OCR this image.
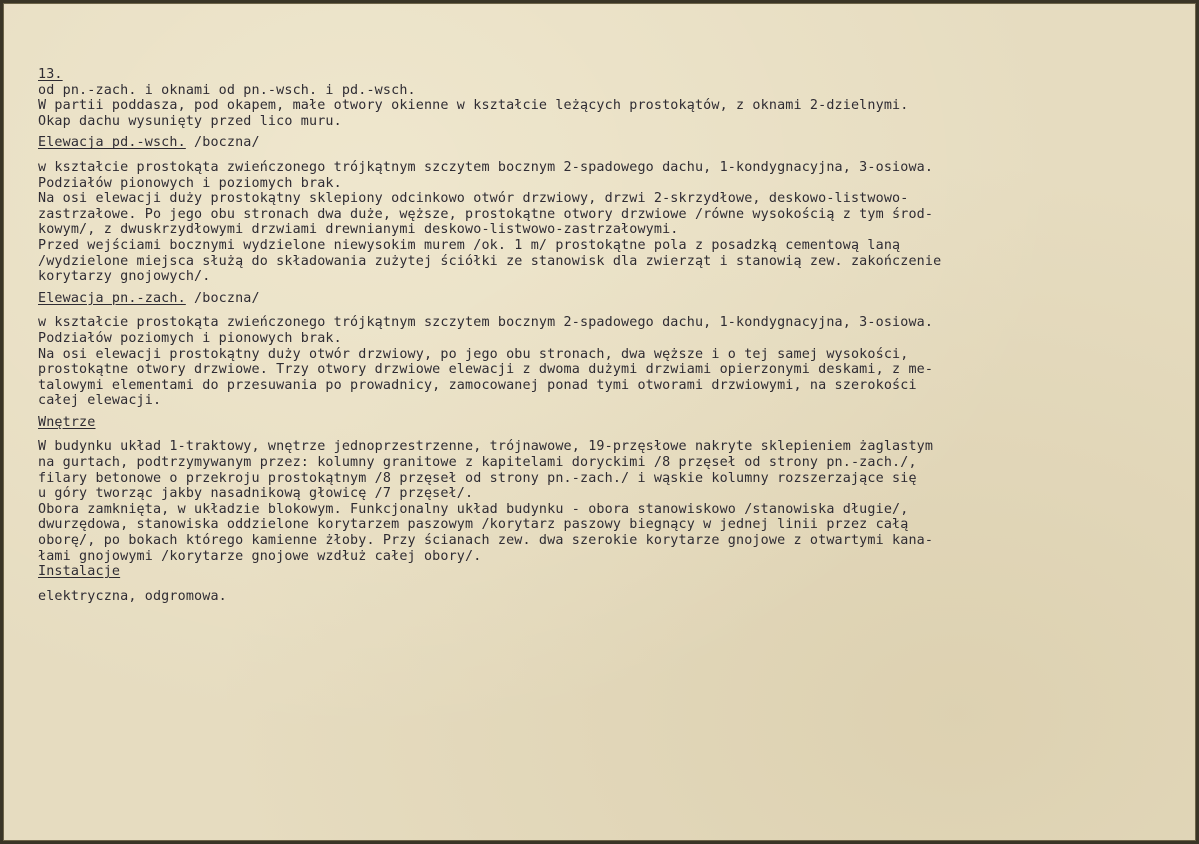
13.
od pn.-zach. i oknami od pn.-wsch. i pd.-wsch.
W partii poddasza, pod okapem, małe otwory okienne w kształcie leżących prostokątów, z oknami 2-dzielnymi.
Okap dachu wysunięty przed lico muru.
Elewacja pd.-wsch. /boczna/
w kształcie prostokąta zwieńczonego trójkątnym szczytem bocznym 2-spadowego dachu, 1-kondygnacyjna, 3-osiowa.
Podziałów pionowych i poziomych brak.
Na osi elewacji duży prostokątny sklepiony odcinkowo otwór drzwiowy, drzwi 2-skrzydłowe, deskowo-listwowo-
zastrzałowe. Po jego obu stronach dwa duże, węższe, prostokątne otwory drzwiowe /równe wysokością z tym środ-
kowym/, z dwuskrzydłowymi drzwiami drewnianymi deskowo-listwowo-zastrzałowymi.
Przed wejściami bocznymi wydzielone niewysokim murem /ok. 1 m/ prostokątne pola z posadzką cementową laną
/wydzielone miejsca służą do składowania zużytej ściółki ze stanowisk dla zwierząt i stanowią zew. zakończenie
korytarzy gnojowych/.
Elewacja pn.-zach. /boczna/
w kształcie prostokąta zwieńczonego trójkątnym szczytem bocznym 2-spadowego dachu, 1-kondygnacyjna, 3-osiowa.
Podziałów poziomych i pionowych brak.
Na osi elewacji prostokątny duży otwór drzwiowy, po jego obu stronach, dwa węższe i o tej samej wysokości,
prostokątne otwory drzwiowe. Trzy otwory drzwiowe elewacji z dwoma dużymi drzwiami opierzonymi deskami, z me-
talowymi elementami do przesuwania po prowadnicy, zamocowanej ponad tymi otworami drzwiowymi, na szerokości
całej elewacji.
Wnętrze
W budynku układ 1-traktowy, wnętrze jednoprzestrzenne, trójnawowe, 19-przęsłowe nakryte sklepieniem żaglastym
na gurtach, podtrzymywanym przez: kolumny granitowe z kapitelami doryckimi /8 przęseł od strony pn.-zach./,
filary betonowe o przekroju prostokątnym /8 przęseł od strony pn.-zach./ i wąskie kolumny rozszerzające się
u góry tworząc jakby nasadnikową głowicę /7 przęseł/.
Obora zamknięta, w układzie blokowym. Funkcjonalny układ budynku - obora stanowiskowo /stanowiska długie/,
dwurzędowa, stanowiska oddzielone korytarzem paszowym /korytarz paszowy biegnący w jednej linii przez całą
oborę/, po bokach którego kamienne żłoby. Przy ścianach zew. dwa szerokie korytarze gnojowe z otwartymi kana-
łami gnojowymi /korytarze gnojowe wzdłuż całej obory/.
Instalacje
elektryczna, odgromowa.
